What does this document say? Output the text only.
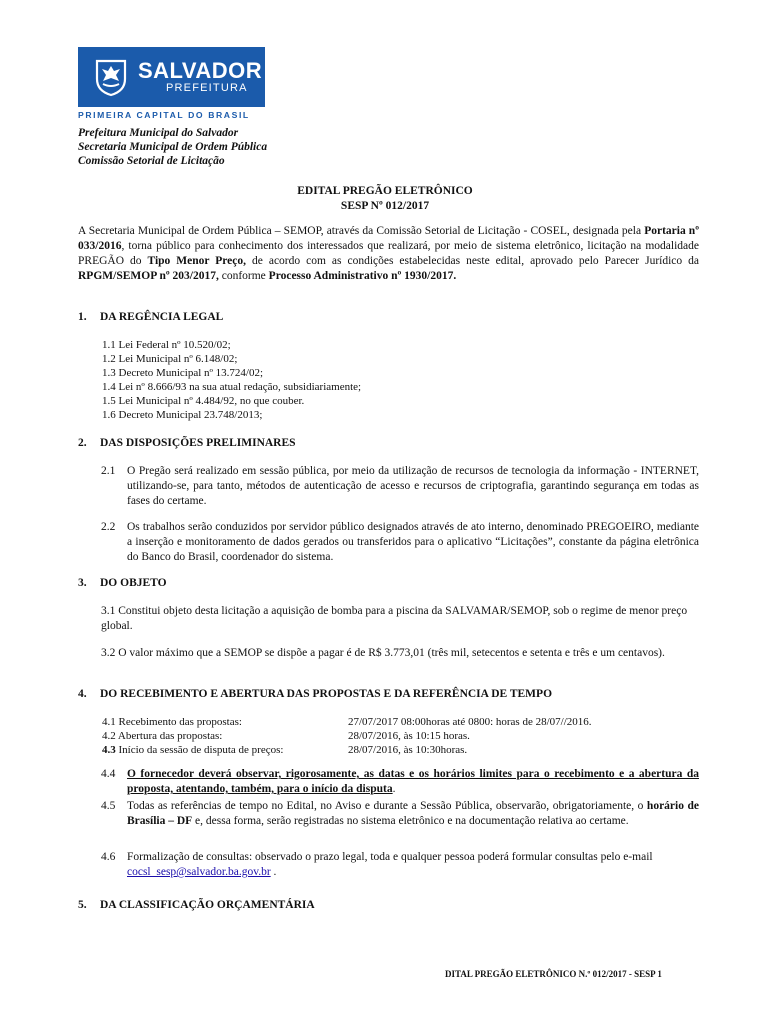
SALVADOR
PREFEITURA
PRIMEIRA CAPITAL DO BRASIL
Prefeitura Municipal do Salvador
Secretaria Municipal de Ordem Pública
Comissão Setorial de Licitação
EDITAL PREGÃO ELETRÔNICO
SESP Nº 012/2017
A Secretaria Municipal de Ordem Pública – SEMOP, através da Comissão Setorial de Licitação - COSEL, designada pela Portaria nº 033/2016, torna público para conhecimento dos interessados que realizará, por meio de sistema eletrônico, licitação na modalidade PREGÃO do Tipo Menor Preço, de acordo com as condições estabelecidas neste edital, aprovado pelo Parecer Jurídico da RPGM/SEMOP nº 203/2017, conforme Processo Administrativo nº 1930/2017.
1. DA REGÊNCIA LEGAL
1.1 Lei Federal nº 10.520/02;
1.2 Lei Municipal nº 6.148/02;
1.3 Decreto Municipal nº 13.724/02;
1.4 Lei nº 8.666/93 na sua atual redação, subsidiariamente;
1.5 Lei Municipal nº 4.484/92, no que couber.
1.6 Decreto Municipal 23.748/2013;
2. DAS DISPOSIÇÕES PRELIMINARES
2.1 O Pregão será realizado em sessão pública, por meio da utilização de recursos de tecnologia da informação - INTERNET, utilizando-se, para tanto, métodos de autenticação de acesso e recursos de criptografia, garantindo segurança em todas as fases do certame.
2.2 Os trabalhos serão conduzidos por servidor público designados através de ato interno, denominado PREGOEIRO, mediante a inserção e monitoramento de dados gerados ou transferidos para o aplicativo “Licitações”, constante da página eletrônica do Banco do Brasil, coordenador do sistema.
3. DO OBJETO
3.1 Constitui objeto desta licitação a aquisição de bomba para a piscina da SALVAMAR/SEMOP, sob o regime de menor preço global.
3.2 O valor máximo que a SEMOP se dispõe a pagar é de R$ 3.773,01 (três mil, setecentos e setenta e três e um centavos).
4. DO RECEBIMENTO E ABERTURA DAS PROPOSTAS E DA REFERÊNCIA DE TEMPO
4.1 Recebimento das propostas:	27/07/2017 08:00horas até 0800: horas de 28/07//2016.
4.2 Abertura das propostas:	28/07/2016, às 10:15 horas.
4.3 Início da sessão de disputa de preços:	28/07/2016, às 10:30horas.
4.4 O fornecedor deverá observar, rigorosamente, as datas e os horários limites para o recebimento e a abertura da proposta, atentando, também, para o início da disputa.
4.5 Todas as referências de tempo no Edital, no Aviso e durante a Sessão Pública, observarão, obrigatoriamente, o horário de Brasília – DF e, dessa forma, serão registradas no sistema eletrônico e na documentação relativa ao certame.
4.6 Formalização de consultas: observado o prazo legal, toda e qualquer pessoa poderá formular consultas pelo e-mail cocsl_sesp@salvador.ba.gov.br .
5. DA CLASSIFICAÇÃO ORÇAMENTÁRIA
DITAL PREGÃO ELETRÔNICO N.º 012/2017 - SESP 1
